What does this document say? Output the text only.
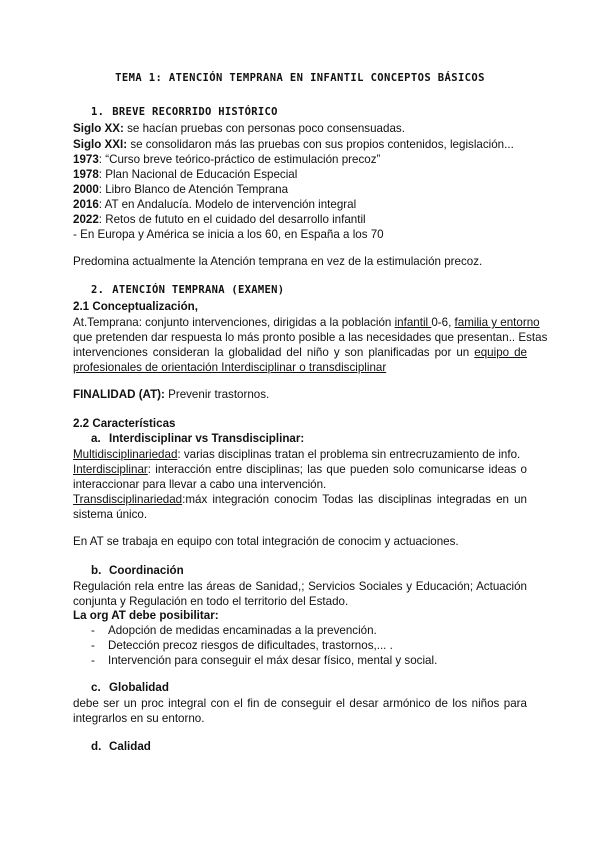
TEMA 1: ATENCIÓN TEMPRANA EN INFANTIL CONCEPTOS BÁSICOS
1. BREVE RECORRIDO HISTÓRICO
Siglo XX: se hacían pruebas con personas poco consensuadas.
Siglo XXI: se consolidaron más las pruebas con sus propios contenidos, legislación...
1973: “Curso breve teórico-práctico de estimulación precoz”
1978: Plan Nacional de Educación Especial
2000: Libro Blanco de Atención Temprana
2016: AT en Andalucía. Modelo de intervención integral
2022: Retos de fututo en el cuidado del desarrollo infantil
- En Europa y América se inicia a los 60, en España a los 70
Predomina actualmente la Atención temprana en vez de la estimulación precoz.
2. ATENCIÓN TEMPRANA (EXAMEN)
2.1 Conceptualización,
At.Temprana: conjunto intervenciones, dirigidas a la población infantil 0-6, familia y entorno
que pretenden dar respuesta lo más pronto posible a las necesidades que presentan.. Estas
intervenciones consideran la globalidad del niño y son planificadas por un equipo de
profesionales de orientación Interdisciplinar o transdisciplinar
FINALIDAD (AT): Prevenir trastornos.
2.2 Características
a. Interdisciplinar vs Transdisciplinar:
Multidisciplinariedad: varias disciplinas tratan el problema sin entrecruzamiento de info.
Interdisciplinar: interacción entre disciplinas; las que pueden solo comunicarse ideas o
interaccionar para llevar a cabo una intervención.
Transdisciplinariedad:máx integración conocim Todas las disciplinas integradas en un
sistema único.
En AT se trabaja en equipo con total integración de conocim y actuaciones.
b. Coordinación
Regulación rela entre las áreas de Sanidad,; Servicios Sociales y Educación; Actuación
conjunta y Regulación en todo el territorio del Estado.
La org AT debe posibilitar:
- Adopción de medidas encaminadas a la prevención.
- Detección precoz riesgos de dificultades, trastornos,... .
- Intervención para conseguir el máx desar físico, mental y social.
c. Globalidad
debe ser un proc integral con el fin de conseguir el desar armónico de los niños para
integrarlos en su entorno.
d. Calidad
